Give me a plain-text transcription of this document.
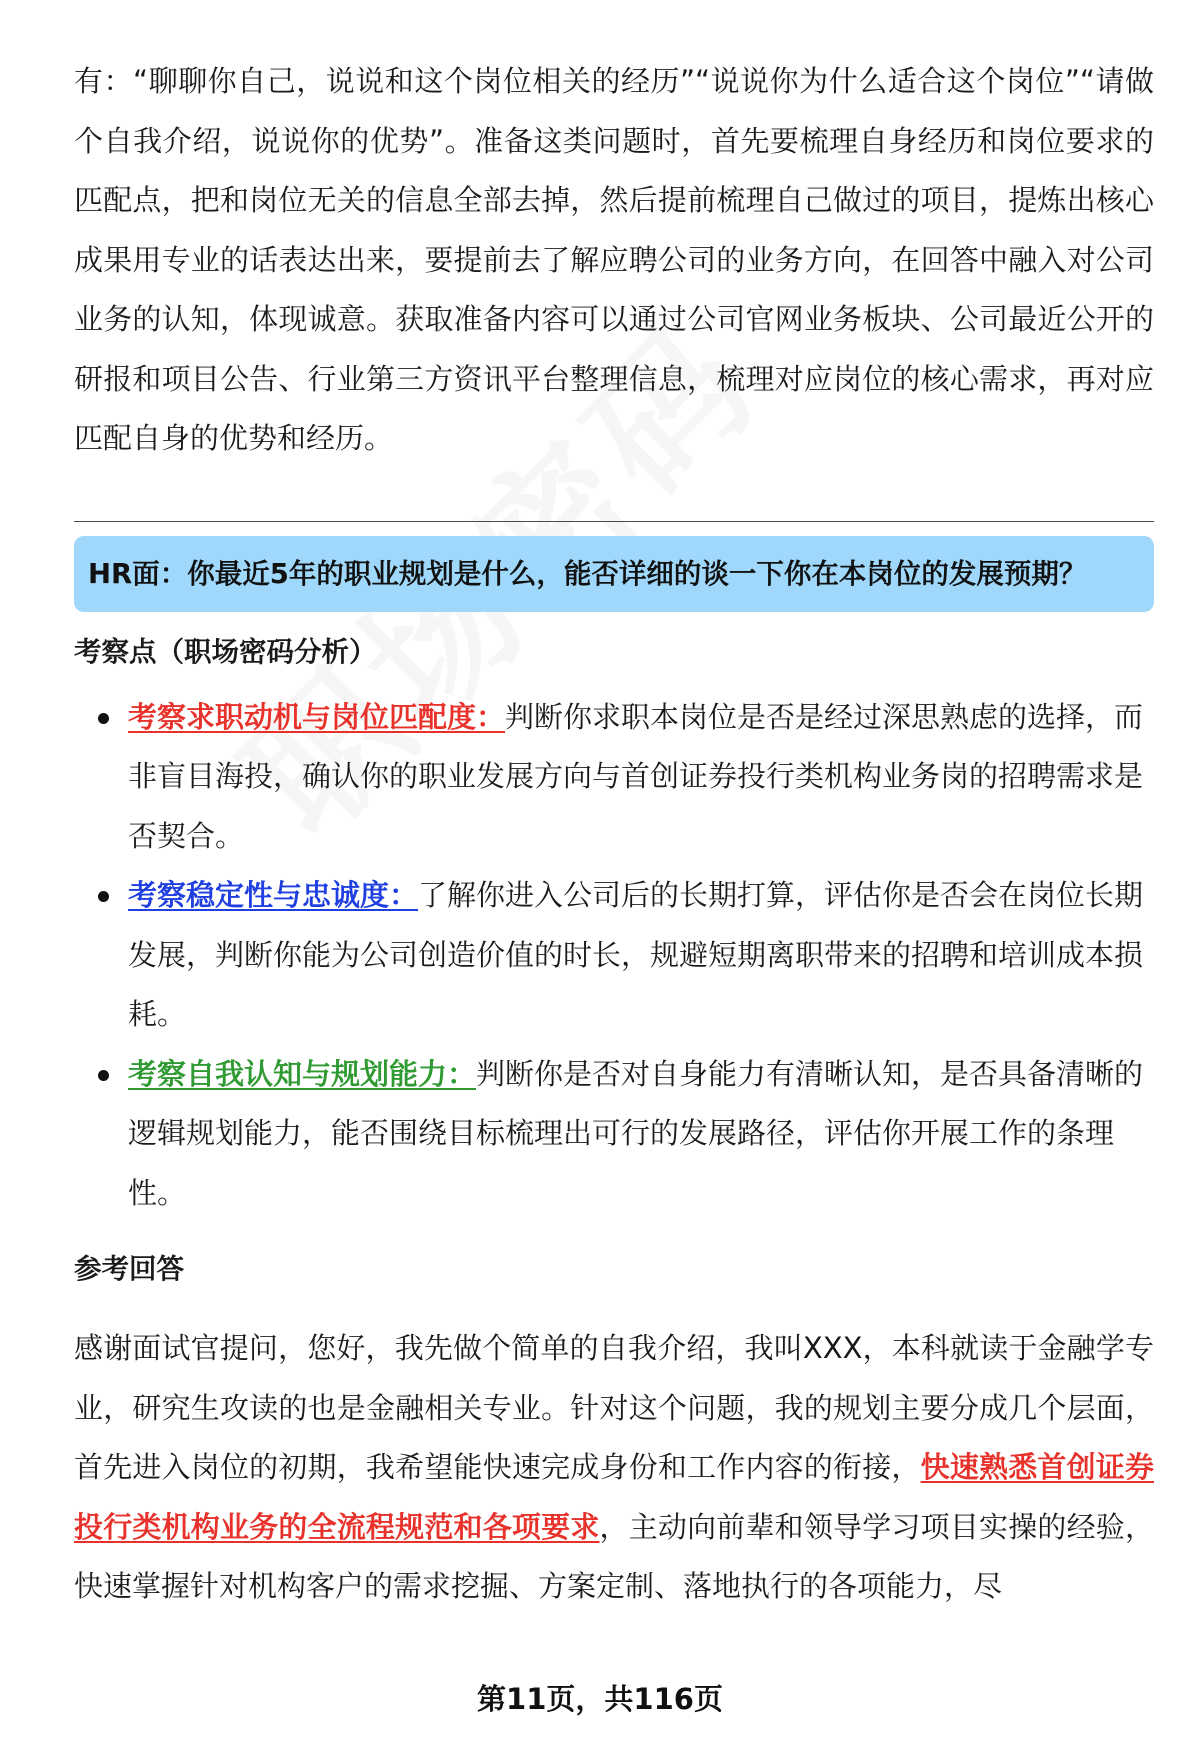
有：“聊聊你自己，说说和这个岗位相关的经历”“说说你为什么适合这个岗位”“请做个自我介绍，说说你的优势”。准备这类问题时，首先要梳理自身经历和岗位要求的匹配点，把和岗位无关的信息全部去掉，然后提前梳理自己做过的项目，提炼出核心成果用专业的话表达出来，要提前去了解应聘公司的业务方向，在回答中融入对公司业务的认知，体现诚意。获取准备内容可以通过公司官网业务板块、公司最近公开的研报和项目公告、行业第三方资讯平台整理信息，梳理对应岗位的核心需求，再对应匹配自身的优势和经历。

HR面：你最近5年的职业规划是什么，能否详细的谈一下你在本岗位的发展预期？
考察点（职场密码分析）
考察求职动机与岗位匹配度：判断你求职本岗位是否是经过深思熟虑的选择，而非盲目海投，确认你的职业发展方向与首创证券投行类机构业务岗的招聘需求是否契合。
考察稳定性与忠诚度：了解你进入公司后的长期打算，评估你是否会在岗位长期发展，判断你能为公司创造价值的时长，规避短期离职带来的招聘和培训成本损耗。
考察自我认知与规划能力：判断你是否对自身能力有清晰认知，是否具备清晰的逻辑规划能力，能否围绕目标梳理出可行的发展路径，评估你开展工作的条理性。
参考回答

感谢面试官提问，您好，我先做个简单的自我介绍，我叫XXX，本科就读于金融学专业，研究生攻读的也是金融相关专业。针对这个问题，我的规划主要分成几个层面，首先进入岗位的初期，我希望能快速完成身份和工作内容的衔接，快速熟悉首创证券投行类机构业务的全流程规范和各项要求，主动向前辈和领导学习项目实操的经验，快速掌握针对机构客户的需求挖掘、方案定制、落地执行的各项能力，尽

第11页，共116页
